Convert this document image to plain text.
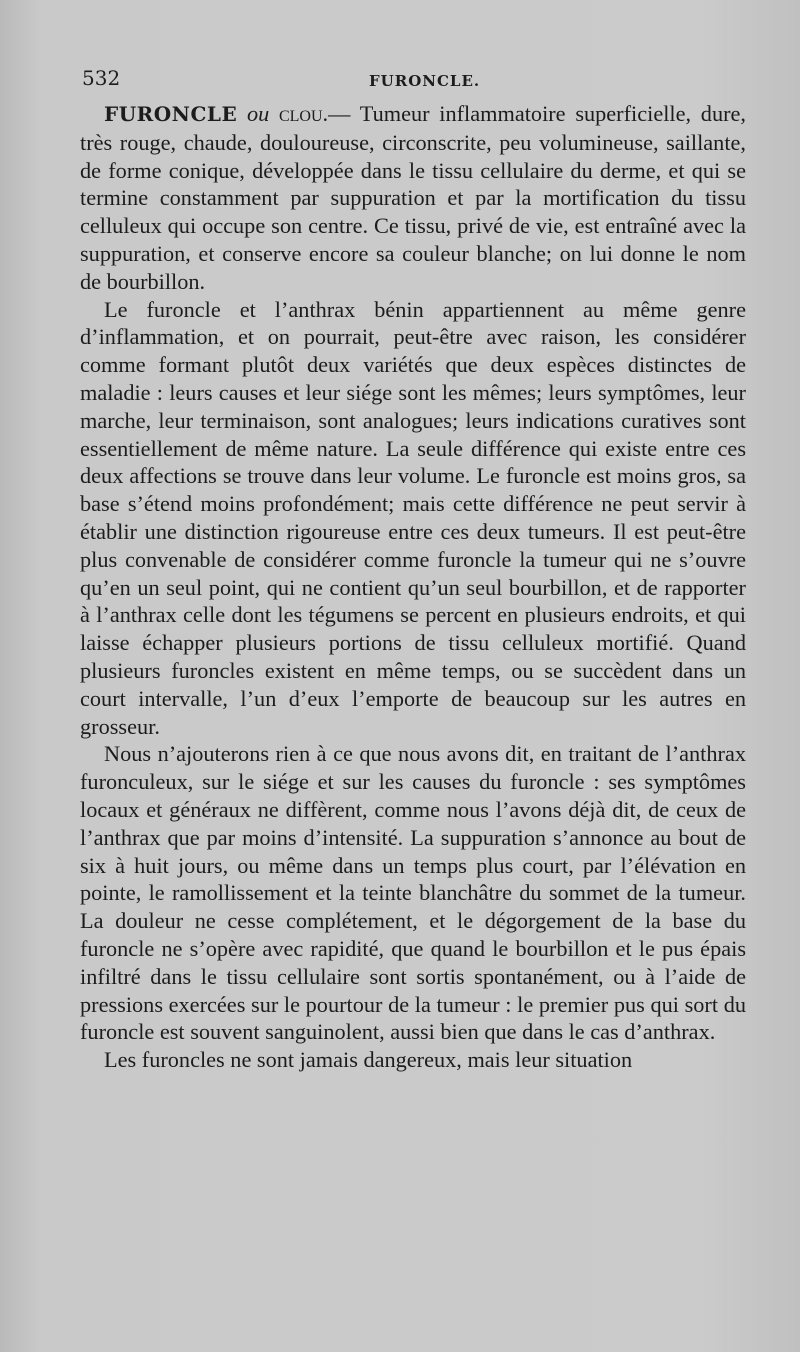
532	FURONCLE.

FURONCLE ou clou.— Tumeur inflammatoire superficielle, dure, très rouge, chaude, douloureuse, circonscrite, peu volumineuse, saillante, de forme conique, développée dans le tissu cellulaire du derme, et qui se termine constamment par suppuration et par la mortification du tissu celluleux qui occupe son centre. Ce tissu, privé de vie, est entraîné avec la suppuration, et conserve encore sa couleur blanche; on lui donne le nom de bourbillon.

Le furoncle et l’anthrax bénin appartiennent au même genre d’inflammation, et on pourrait, peut-être avec raison, les considérer comme formant plutôt deux variétés que deux espèces distinctes de maladie : leurs causes et leur siége sont les mêmes; leurs symptômes, leur marche, leur terminaison, sont analogues; leurs indications curatives sont essentiellement de même nature. La seule différence qui existe entre ces deux affections se trouve dans leur volume. Le furoncle est moins gros, sa base s’étend moins profondément; mais cette différence ne peut servir à établir une distinction rigoureuse entre ces deux tumeurs. Il est peut-être plus convenable de considérer comme furoncle la tumeur qui ne s’ouvre qu’en un seul point, qui ne contient qu’un seul bourbillon, et de rapporter à l’anthrax celle dont les tégumens se percent en plusieurs endroits, et qui laisse échapper plusieurs portions de tissu celluleux mortifié. Quand plusieurs furoncles existent en même temps, ou se succèdent dans un court intervalle, l’un d’eux l’emporte de beaucoup sur les autres en grosseur.

Nous n’ajouterons rien à ce que nous avons dit, en traitant de l’anthrax furonculeux, sur le siége et sur les causes du furoncle : ses symptômes locaux et généraux ne diffèrent, comme nous l’avons déjà dit, de ceux de l’anthrax que par moins d’intensité. La suppuration s’annonce au bout de six à huit jours, ou même dans un temps plus court, par l’élévation en pointe, le ramollissement et la teinte blanchâtre du sommet de la tumeur. La douleur ne cesse complétement, et le dégorgement de la base du furoncle ne s’opère avec rapidité, que quand le bourbillon et le pus épais infiltré dans le tissu cellulaire sont sortis spontanément, ou à l’aide de pressions exercées sur le pourtour de la tumeur : le premier pus qui sort du furoncle est souvent sanguinolent, aussi bien que dans le cas d’anthrax.

Les furoncles ne sont jamais dangereux, mais leur situation
